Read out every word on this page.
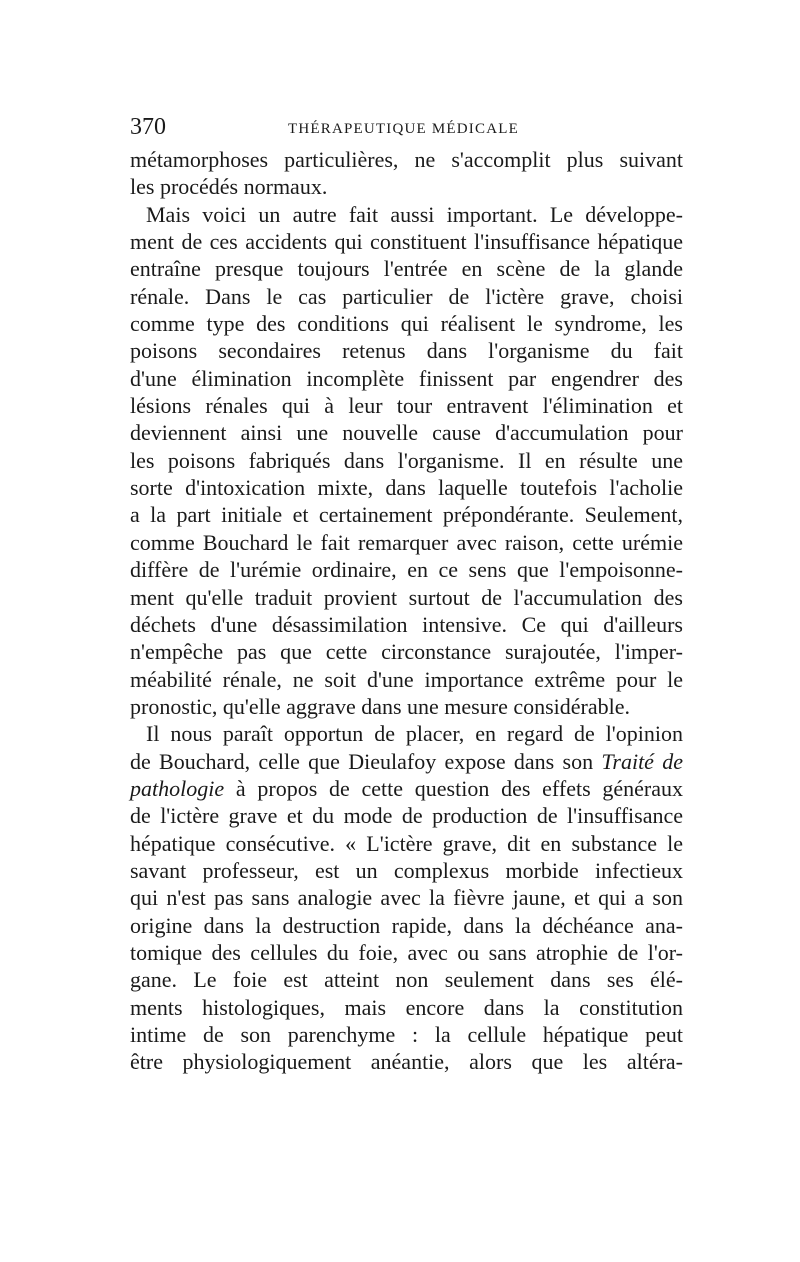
370	THÉRAPEUTIQUE MÉDICALE
métamorphoses particulières, ne s'accomplit plus suivant
les procédés normaux.
Mais voici un autre fait aussi important. Le développe-
ment de ces accidents qui constituent l'insuffisance hépatique
entraîne presque toujours l'entrée en scène de la glande
rénale. Dans le cas particulier de l'ictère grave, choisi
comme type des conditions qui réalisent le syndrome, les
poisons secondaires retenus dans l'organisme du fait
d'une élimination incomplète finissent par engendrer des
lésions rénales qui à leur tour entravent l'élimination et
deviennent ainsi une nouvelle cause d'accumulation pour
les poisons fabriqués dans l'organisme. Il en résulte une
sorte d'intoxication mixte, dans laquelle toutefois l'acholie
a la part initiale et certainement prépondérante. Seulement,
comme Bouchard le fait remarquer avec raison, cette urémie
diffère de l'urémie ordinaire, en ce sens que l'empoisonne-
ment qu'elle traduit provient surtout de l'accumulation des
déchets d'une désassimilation intensive. Ce qui d'ailleurs
n'empêche pas que cette circonstance surajoutée, l'imper-
méabilité rénale, ne soit d'une importance extrême pour le
pronostic, qu'elle aggrave dans une mesure considérable.
Il nous paraît opportun de placer, en regard de l'opinion
de Bouchard, celle que Dieulafoy expose dans son Traité de
pathologie à propos de cette question des effets généraux
de l'ictère grave et du mode de production de l'insuffisance
hépatique consécutive. « L'ictère grave, dit en substance le
savant professeur, est un complexus morbide infectieux
qui n'est pas sans analogie avec la fièvre jaune, et qui a son
origine dans la destruction rapide, dans la déchéance ana-
tomique des cellules du foie, avec ou sans atrophie de l'or-
gane. Le foie est atteint non seulement dans ses élé-
ments histologiques, mais encore dans la constitution
intime de son parenchyme : la cellule hépatique peut
être physiologiquement anéantie, alors que les altéra-
